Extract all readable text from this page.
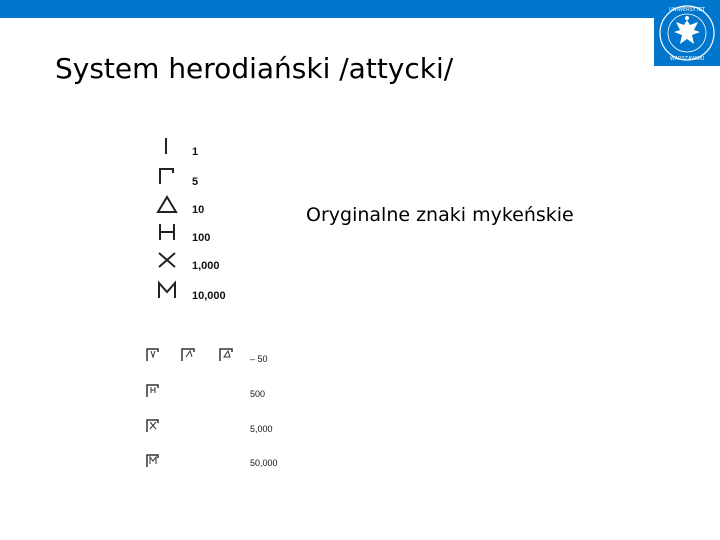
UNIWERSYTET
WARSZAWSKI
System herodiański /attycki/
Oryginalne znaki mykeńskie
1
5
10
100
1,000
10,000
– 50
500
5,000
50,000
